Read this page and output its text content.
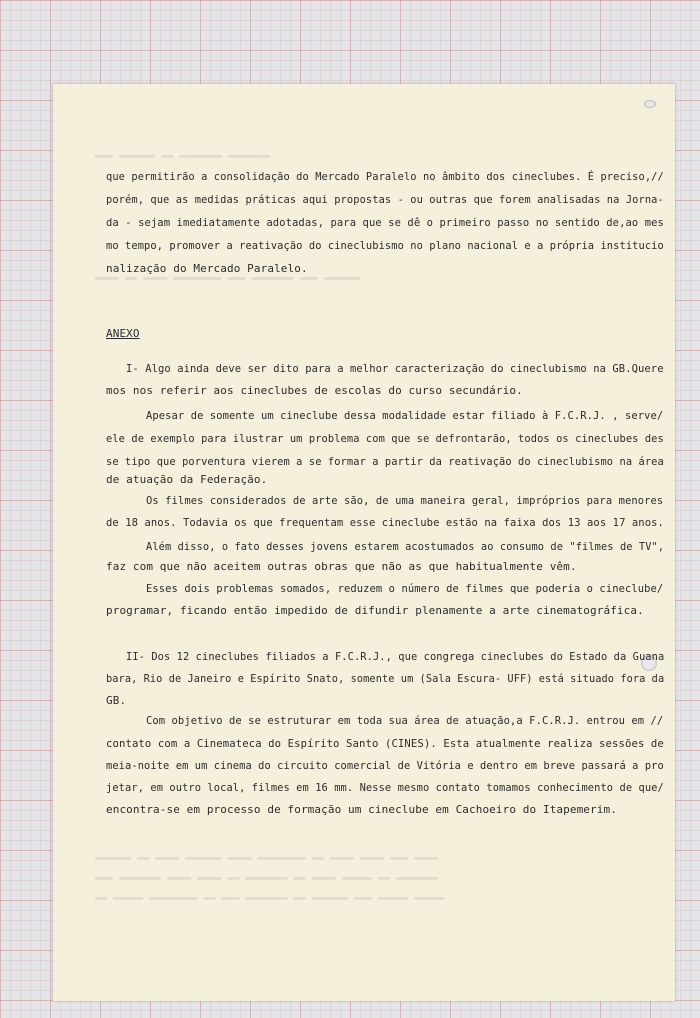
▬▬▬ ▬▬▬▬▬▬ ▬▬ ▬▬▬▬▬▬▬ ▬▬▬▬▬▬▬
▬▬▬▬ ▬▬ ▬▬▬▬ ▬▬▬▬▬▬▬▬ ▬▬▬ ▬▬▬▬▬▬▬ ▬▬▬ ▬▬▬▬▬▬
▬▬▬▬▬▬ ▬▬ ▬▬▬▬ ▬▬▬▬▬▬ ▬▬▬▬ ▬▬▬▬▬▬▬▬ ▬▬ ▬▬▬▬ ▬▬▬▬ ▬▬▬ ▬▬▬▬
▬▬▬ ▬▬▬▬▬▬▬ ▬▬▬▬ ▬▬▬▬ ▬▬ ▬▬▬▬▬▬▬ ▬▬ ▬▬▬▬ ▬▬▬▬▬ ▬▬ ▬▬▬▬▬▬▬
▬▬ ▬▬▬▬▬ ▬▬▬▬▬▬▬▬ ▬▬ ▬▬▬ ▬▬▬▬▬▬▬ ▬▬ ▬▬▬▬▬▬ ▬▬▬ ▬▬▬▬▬ ▬▬▬▬▬

que permitirão a consolidação do Mercado Paralelo no âmbito dos cineclubes. É preciso,//

porém, que as medidas práticas aqui propostas - ou outras que forem analisadas na Jorna-

da - sejam imediatamente adotadas, para que se dê o primeiro passo no sentido de,ao mes

mo tempo, promover a reativação do cineclubismo no plano nacional e a própria institucio

nalização do Mercado Paralelo.

ANEXO

I- Algo ainda deve ser dito para a melhor caracterização do cineclubismo na GB.Quere

mos nos referir aos cineclubes de escolas do curso secundário.

Apesar de somente um cineclube dessa modalidade estar filiado à F.C.R.J. , serve/

ele de exemplo para ilustrar um problema com que se defrontarão, todos os cineclubes des

se tipo que porventura vierem a se formar a partir da reativação do cineclubismo na área

de atuação da Federação.

Os filmes considerados de arte são, de uma maneira geral, impróprios para menores

de 18 anos. Todavia os que frequentam esse cineclube estão na faixa dos 13 aos 17 anos.

Além disso, o fato desses jovens estarem acostumados ao consumo de "filmes de TV",

faz com que não aceitem outras obras que não as que habitualmente vêm.

Esses dois problemas somados, reduzem o número de filmes que poderia o cineclube/

programar, ficando então impedido de difundir plenamente a arte cinematográfica.

II- Dos 12 cineclubes filiados a F.C.R.J., que congrega cineclubes do Estado da Guana

bara, Rio de Janeiro e Espírito Snato, somente um (Sala Escura- UFF) está situado fora da

GB.

Com objetivo de se estruturar em toda sua área de atuação,a F.C.R.J. entrou em //

contato com a Cinemateca do Espírito Santo (CINES). Esta atualmente realiza sessões de

meia-noite em um cinema do circuito comercial de Vitória e dentro em breve passará a pro

jetar, em outro local, filmes em 16 mm. Nesse mesmo contato tomamos conhecimento de que/

encontra-se em processo de formação um cineclube em Cachoeiro do Itapemerim.
